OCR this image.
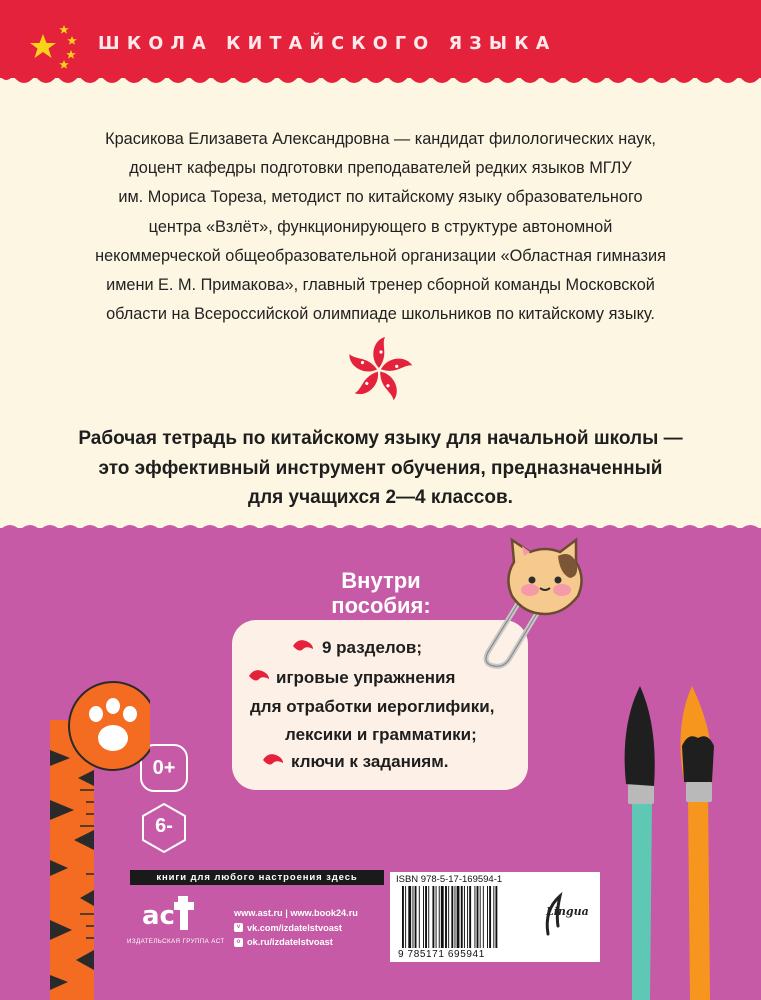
ШКОЛА КИТАЙСКОГО ЯЗЫКА
Красикова Елизавета Александровна — кандидат филологических наук,
доцент кафедры подготовки преподавателей редких языков МГЛУ
им. Мориса Тореза, методист по китайскому языку образовательного
центра «Взлёт», функционирующего в структуре автономной
некоммерческой общеобразовательной организации «Областная гимназия
имени Е. М. Примакова», главный тренер сборной команды Московской
области на Всероссийской олимпиаде школьников по китайскому языку.
Рабочая тетрадь по китайскому языку для начальной школы —
это эффективный инструмент обучения, предназначенный
для учащихся 2—4 классов.
Внутри
пособия:
9 разделов;
игровые упражнения
для отработки иероглифики,
лексики и грамматики;
ключи к заданиям.
0+
6-
книги для любого настроения здесь
ac
ИЗДАТЕЛЬСКАЯ ГРУППА АСТ
www.ast.ru | www.book24.ru
v vk.com/izdatelstvoast
o ok.ru/izdatelstvoast
ISBN 978-5-17-169594-1
9 785171 695941
Lingua
